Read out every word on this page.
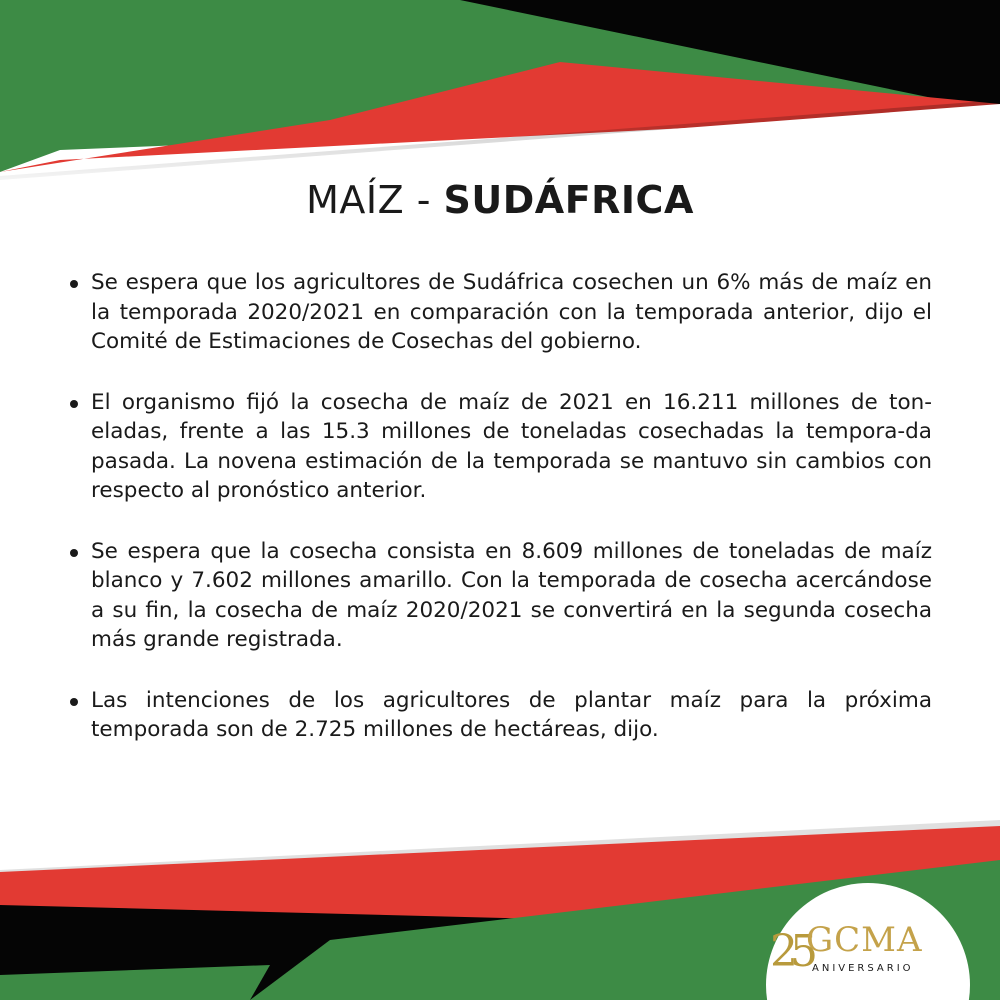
MAÍZ - SUDÁFRICA
Se espera que los agricultores de Sudáfrica cosechen un 6% más de maíz en la temporada 2020/2021 en comparación con la temporada anterior, dijo el Comité de Estimaciones de Cosechas del gobierno.
El organismo fijó la cosecha de maíz de 2021 en 16.211 millones de ton-eladas, frente a las 15.3 millones de toneladas cosechadas la tempora-da pasada. La novena estimación de la temporada se mantuvo sin cambios con respecto al pronóstico anterior.
Se espera que la cosecha consista en 8.609 millones de toneladas de maíz blanco y 7.602 millones amarillo. Con la temporada de cosecha acercándose a su fin, la cosecha de maíz 2020/2021 se convertirá en la segunda cosecha más grande registrada.
Las intenciones de los agricultores de plantar maíz para la próxima temporada son de 2.725 millones de hectáreas, dijo.
25
GCMA
ANIVERSARIO
